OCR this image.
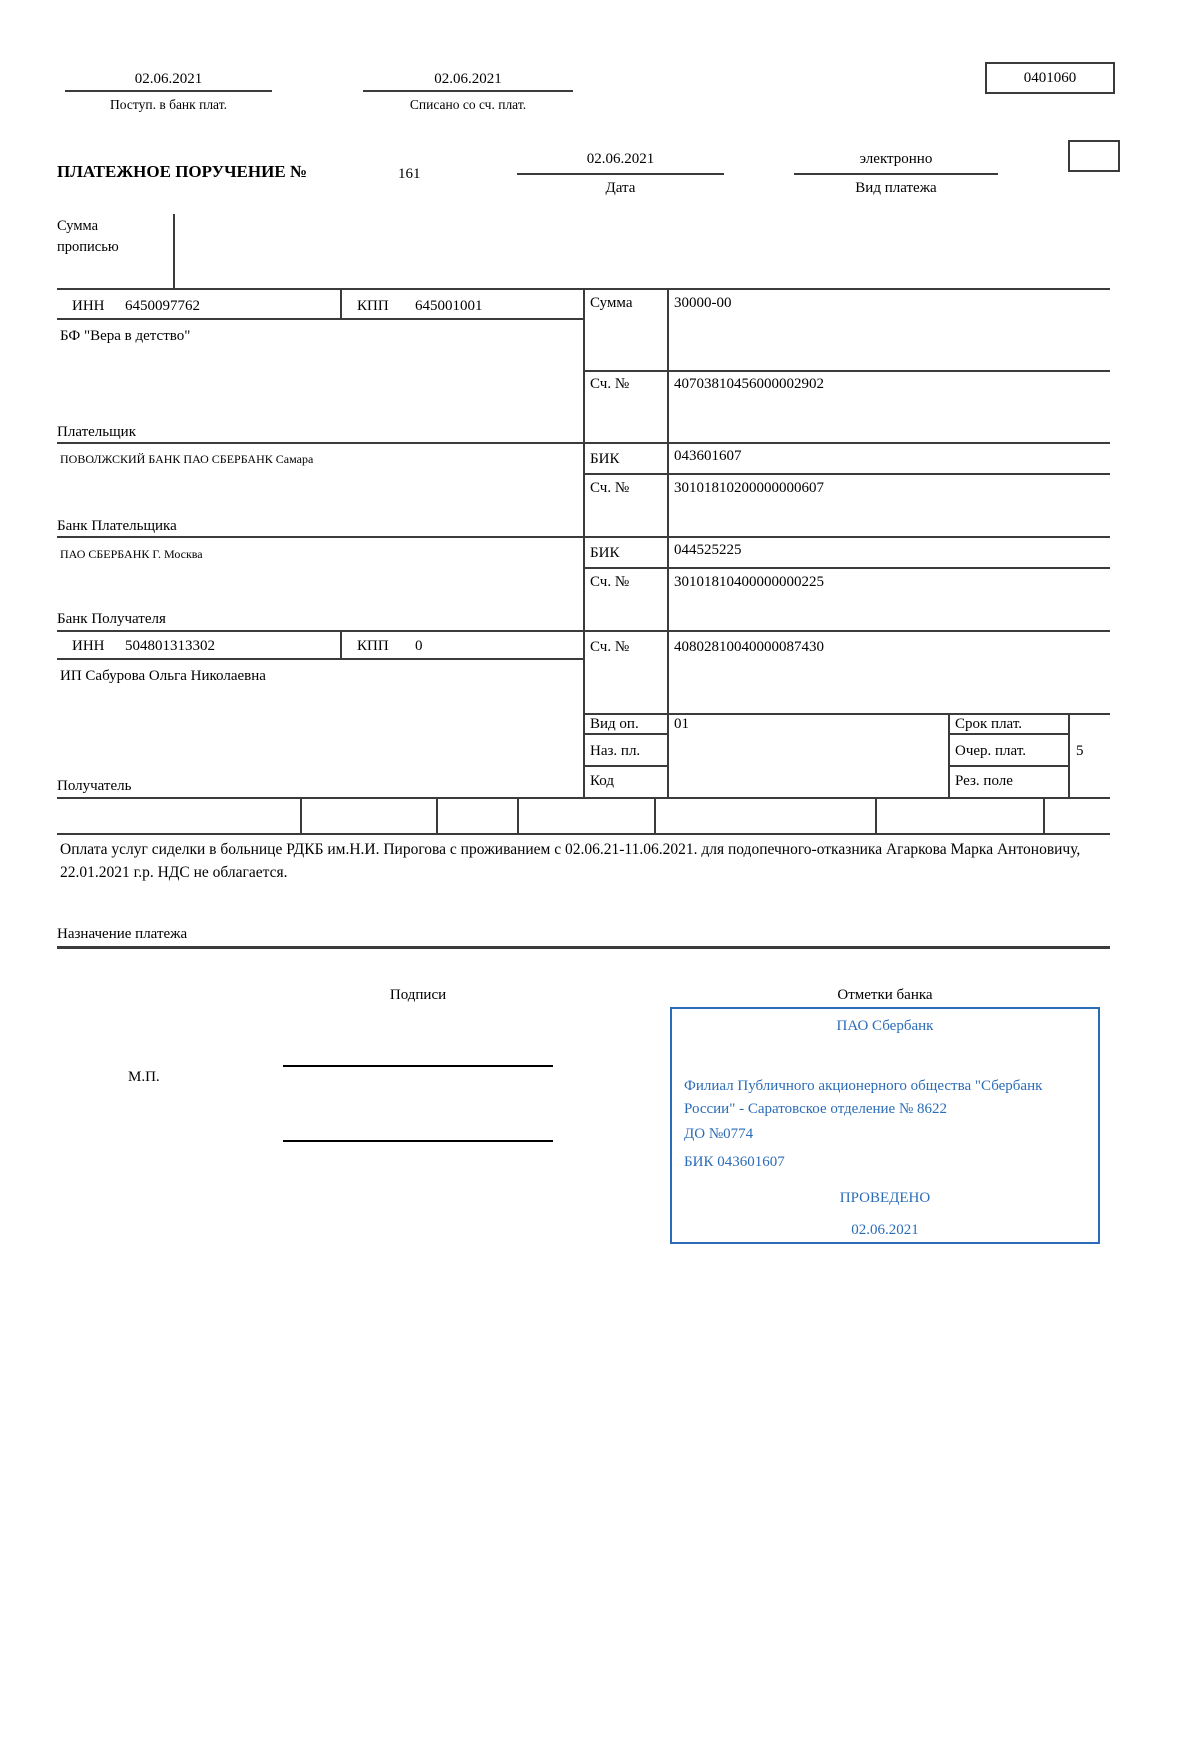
02.06.2021
Поступ. в банк плат.
02.06.2021
Списано со сч. плат.
0401060
ПЛАТЕЖНОЕ ПОРУЧЕНИЕ №	161
02.06.2021
Дата
электронно
Вид платежа
Сумма прописью
ИНН 6450097762	КПП 645001001
БФ "Вера в детство"
Плательщик
Сумма	30000-00
Сч. №	40703810456000002902
ПОВОЛЖСКИЙ БАНК ПАО СБЕРБАНК Самара
Банк Плательщика
БИК	043601607
Сч. №	30101810200000000607
ПАО СБЕРБАНК Г. Москва
Банк Получателя
БИК	044525225
Сч. №	30101810400000000225
ИНН 504801313302	КПП 0
ИП Сабурова Ольга Николаевна
Получатель
Сч. №	40802810040000087430
Вид оп. 01	Срок плат.
Наз. пл.	Очер. плат.	5
Код	Рез. поле
Оплата услуг сиделки в больнице РДКБ им.Н.И. Пирогова с проживанием с 02.06.21-11.06.2021. для подопечного-отказника Агаркова Марка Антоновичу, 22.01.2021 г.р. НДС не облагается.
Назначение платежа
Подписи	Отметки банка
М.П.
ПАО Сбербанк
Филиал Публичного акционерного общества "Сбербанк России" - Саратовское отделение № 8622
ДО №0774
БИК 043601607
ПРОВЕДЕНО
02.06.2021
